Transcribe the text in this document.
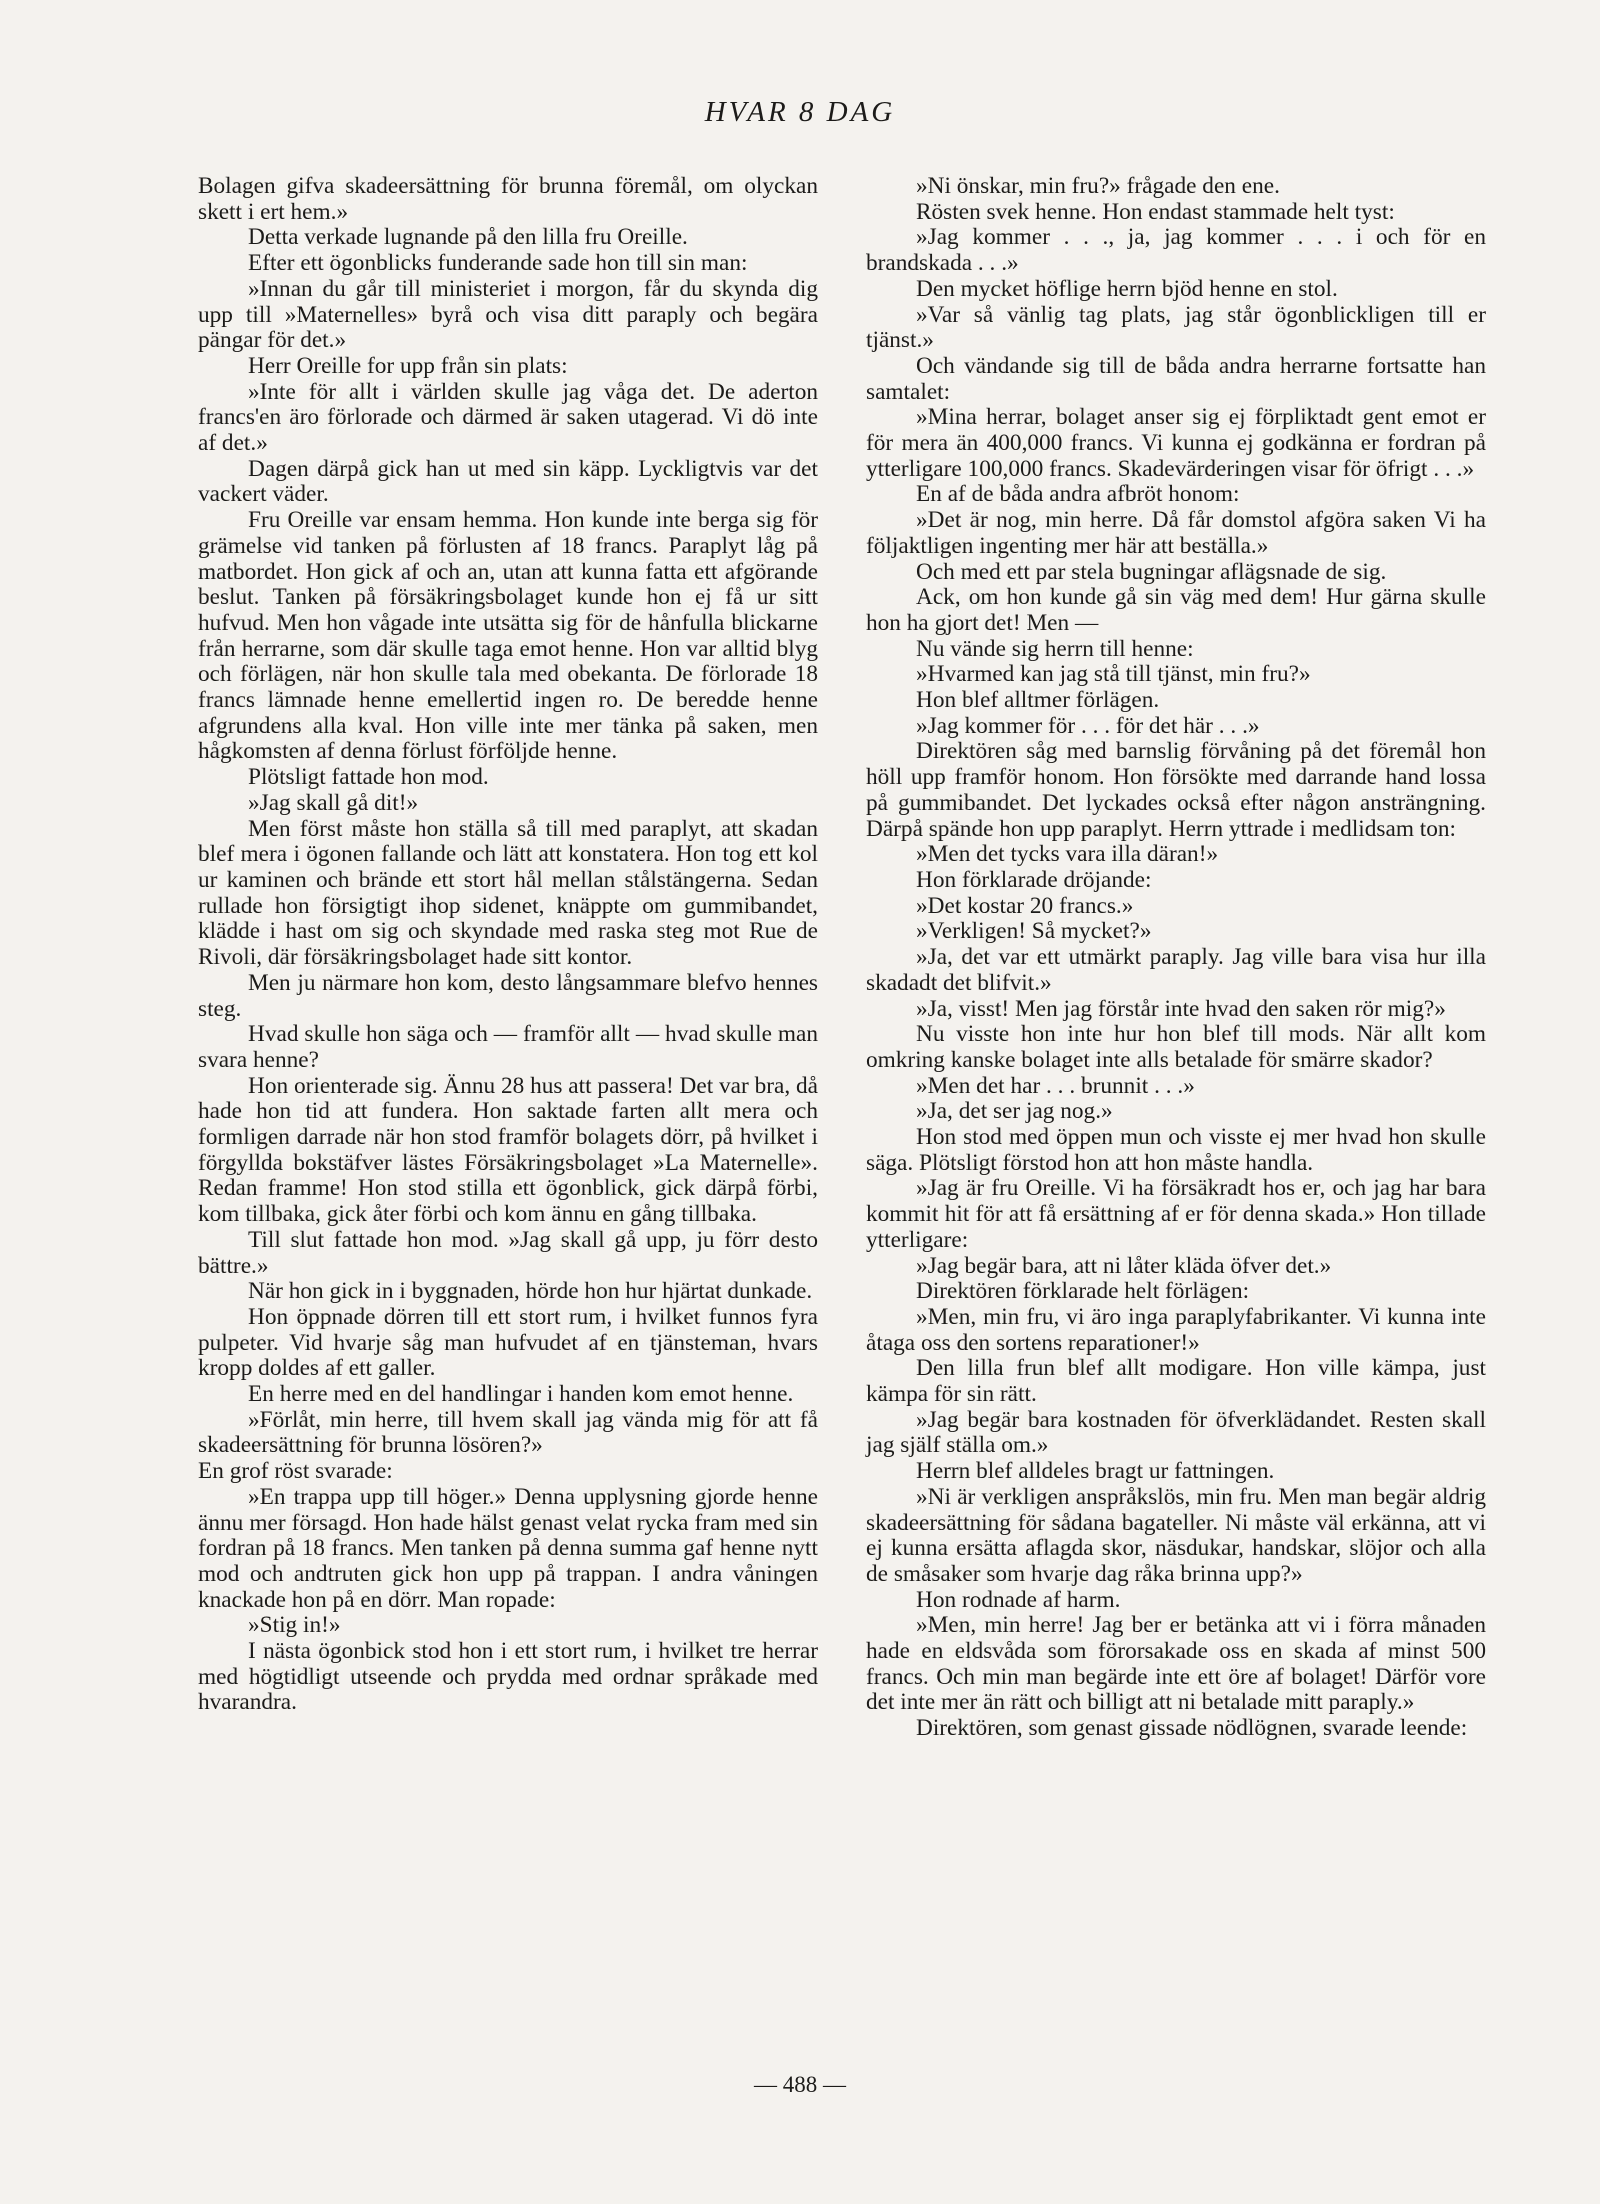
HVAR 8 DAG

Bolagen gifva skadeersättning för brunna föremål, om olyckan skett i ert hem.»

Detta verkade lugnande på den lilla fru Oreille.

Efter ett ögonblicks funderande sade hon till sin man:

»Innan du går till ministeriet i morgon, får du skynda dig upp till »Maternelles» byrå och visa ditt paraply och begära pängar för det.»

Herr Oreille for upp från sin plats:

»Inte för allt i världen skulle jag våga det. De aderton francs'en äro förlorade och därmed är saken utagerad. Vi dö inte af det.»

Dagen därpå gick han ut med sin käpp. Lyckligtvis var det vackert väder.

Fru Oreille var ensam hemma. Hon kunde inte berga sig för grämelse vid tanken på förlusten af 18 francs. Paraplyt låg på matbordet. Hon gick af och an, utan att kunna fatta ett afgörande beslut. Tanken på försäkringsbolaget kunde hon ej få ur sitt hufvud. Men hon vågade inte utsätta sig för de hånfulla blickarne från herrarne, som där skulle taga emot henne. Hon var alltid blyg och förlägen, när hon skulle tala med obekanta. De förlorade 18 francs lämnade henne emellertid ingen ro. De beredde henne afgrundens alla kval. Hon ville inte mer tänka på saken, men hågkomsten af denna förlust förföljde henne.

Plötsligt fattade hon mod.

»Jag skall gå dit!»

Men först måste hon ställa så till med paraplyt, att skadan blef mera i ögonen fallande och lätt att konstatera. Hon tog ett kol ur kaminen och brände ett stort hål mellan stålstängerna. Sedan rullade hon försigtigt ihop sidenet, knäppte om gummibandet, klädde i hast om sig och skyndade med raska steg mot Rue de Rivoli, där försäkringsbolaget hade sitt kontor.

Men ju närmare hon kom, desto långsammare blefvo hennes steg.

Hvad skulle hon säga och — framför allt — hvad skulle man svara henne?

Hon orienterade sig. Ännu 28 hus att passera! Det var bra, då hade hon tid att fundera. Hon saktade farten allt mera och formligen darrade när hon stod framför bolagets dörr, på hvilket i förgyllda bokstäfver lästes Försäkringsbolaget »La Maternelle». Redan framme! Hon stod stilla ett ögonblick, gick därpå förbi, kom tillbaka, gick åter förbi och kom ännu en gång tillbaka.

Till slut fattade hon mod. »Jag skall gå upp, ju förr desto bättre.»

När hon gick in i byggnaden, hörde hon hur hjärtat dunkade.

Hon öppnade dörren till ett stort rum, i hvilket funnos fyra pulpeter. Vid hvarje såg man hufvudet af en tjänsteman, hvars kropp doldes af ett galler.

En herre med en del handlingar i handen kom emot henne.

»Förlåt, min herre, till hvem skall jag vända mig för att få skadeersättning för brunna lösören?»

En grof röst svarade:

»En trappa upp till höger.» Denna upplysning gjorde henne ännu mer försagd. Hon hade hälst genast velat rycka fram med sin fordran på 18 francs. Men tanken på denna summa gaf henne nytt mod och andtruten gick hon upp på trappan. I andra våningen knackade hon på en dörr. Man ropade:

»Stig in!»

I nästa ögonbick stod hon i ett stort rum, i hvilket tre herrar med högtidligt utseende och prydda med ordnar språkade med hvarandra.

»Ni önskar, min fru?» frågade den ene.

Rösten svek henne. Hon endast stammade helt tyst:

»Jag kommer . . ., ja, jag kommer . . . i och för en brandskada . . .»

Den mycket höflige herrn bjöd henne en stol.

»Var så vänlig tag plats, jag står ögonblickligen till er tjänst.»

Och vändande sig till de båda andra herrarne fortsatte han samtalet:

»Mina herrar, bolaget anser sig ej förpliktadt gent emot er för mera än 400,000 francs. Vi kunna ej godkänna er fordran på ytterligare 100,000 francs. Skadevärderingen visar för öfrigt . . .»

En af de båda andra afbröt honom:

»Det är nog, min herre. Då får domstol afgöra saken Vi ha följaktligen ingenting mer här att beställa.»

Och med ett par stela bugningar aflägsnade de sig.

Ack, om hon kunde gå sin väg med dem! Hur gärna skulle hon ha gjort det! Men —

Nu vände sig herrn till henne:

»Hvarmed kan jag stå till tjänst, min fru?»

Hon blef alltmer förlägen.

»Jag kommer för . . . för det här . . .»

Direktören såg med barnslig förvåning på det föremål hon höll upp framför honom. Hon försökte med darrande hand lossa på gummibandet. Det lyckades också efter någon ansträngning. Därpå spände hon upp paraplyt. Herrn yttrade i medlidsam ton:

»Men det tycks vara illa däran!»

Hon förklarade dröjande:

»Det kostar 20 francs.»

»Verkligen! Så mycket?»

»Ja, det var ett utmärkt paraply. Jag ville bara visa hur illa skadadt det blifvit.»

»Ja, visst! Men jag förstår inte hvad den saken rör mig?»

Nu visste hon inte hur hon blef till mods. När allt kom omkring kanske bolaget inte alls betalade för smärre skador?

»Men det har . . . brunnit . . .»

»Ja, det ser jag nog.»

Hon stod med öppen mun och visste ej mer hvad hon skulle säga. Plötsligt förstod hon att hon måste handla.

»Jag är fru Oreille. Vi ha försäkradt hos er, och jag har bara kommit hit för att få ersättning af er för denna skada.» Hon tillade ytterligare:

»Jag begär bara, att ni låter kläda öfver det.»

Direktören förklarade helt förlägen:

»Men, min fru, vi äro inga paraplyfabrikanter. Vi kunna inte åtaga oss den sortens reparationer!»

Den lilla frun blef allt modigare. Hon ville kämpa, just kämpa för sin rätt.

»Jag begär bara kostnaden för öfverklädandet. Resten skall jag själf ställa om.»

Herrn blef alldeles bragt ur fattningen.

»Ni är verkligen anspråkslös, min fru. Men man begär aldrig skadeersättning för sådana bagateller. Ni måste väl erkänna, att vi ej kunna ersätta aflagda skor, näsdukar, handskar, slöjor och alla de småsaker som hvarje dag råka brinna upp?»

Hon rodnade af harm.

»Men, min herre! Jag ber er betänka att vi i förra månaden hade en eldsvåda som förorsakade oss en skada af minst 500 francs. Och min man begärde inte ett öre af bolaget! Därför vore det inte mer än rätt och billigt att ni betalade mitt paraply.»

Direktören, som genast gissade nödlögnen, svarade leende:

— 488 —
